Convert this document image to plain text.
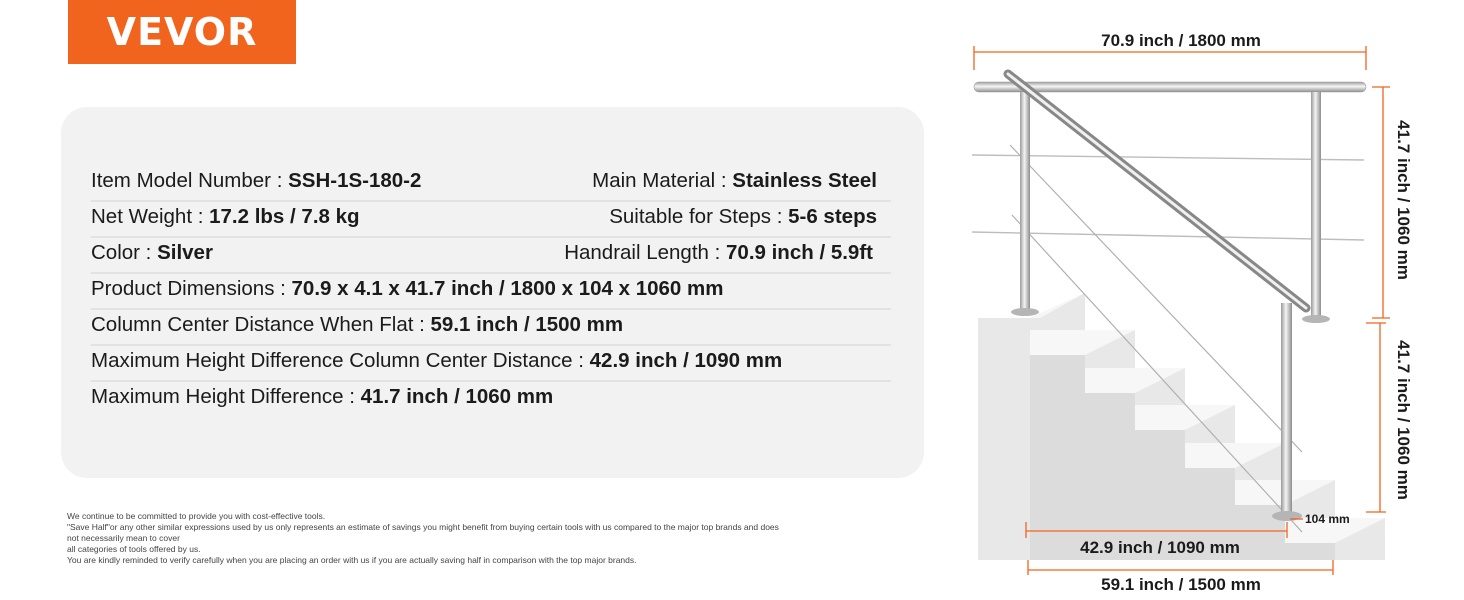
VEVOR
Item Model Number : SSH-1S-180-2	Main Material : Stainless Steel
Net Weight : 17.2 lbs / 7.8 kg	Suitable for Steps : 5-6 steps
Color : Silver	Handrail Length : 70.9 inch / 5.9ft
Product Dimensions : 70.9 x 4.1 x 41.7 inch / 1800 x 104 x 1060 mm
Column Center Distance When Flat : 59.1 inch / 1500 mm
Maximum Height Difference Column Center Distance : 42.9 inch / 1090 mm
Maximum Height Difference : 41.7 inch / 1060 mm
We continue to be committed to provide you with cost-effective tools.
"Save Half"or any other similar expressions used by us only represents an estimate of savings you might benefit from buying certain tools with us compared to the major top brands and does
not necessarily mean to cover
all categories of tools offered by us.
You are kindly reminded to verify carefully when you are placing an order with us if you are actually saving half in comparison with the top major brands.
70.9 inch / 1800 mm
41.7 inch / 1060 mm
41.7 inch / 1060 mm
104 mm
42.9 inch / 1090 mm
59.1 inch / 1500 mm
